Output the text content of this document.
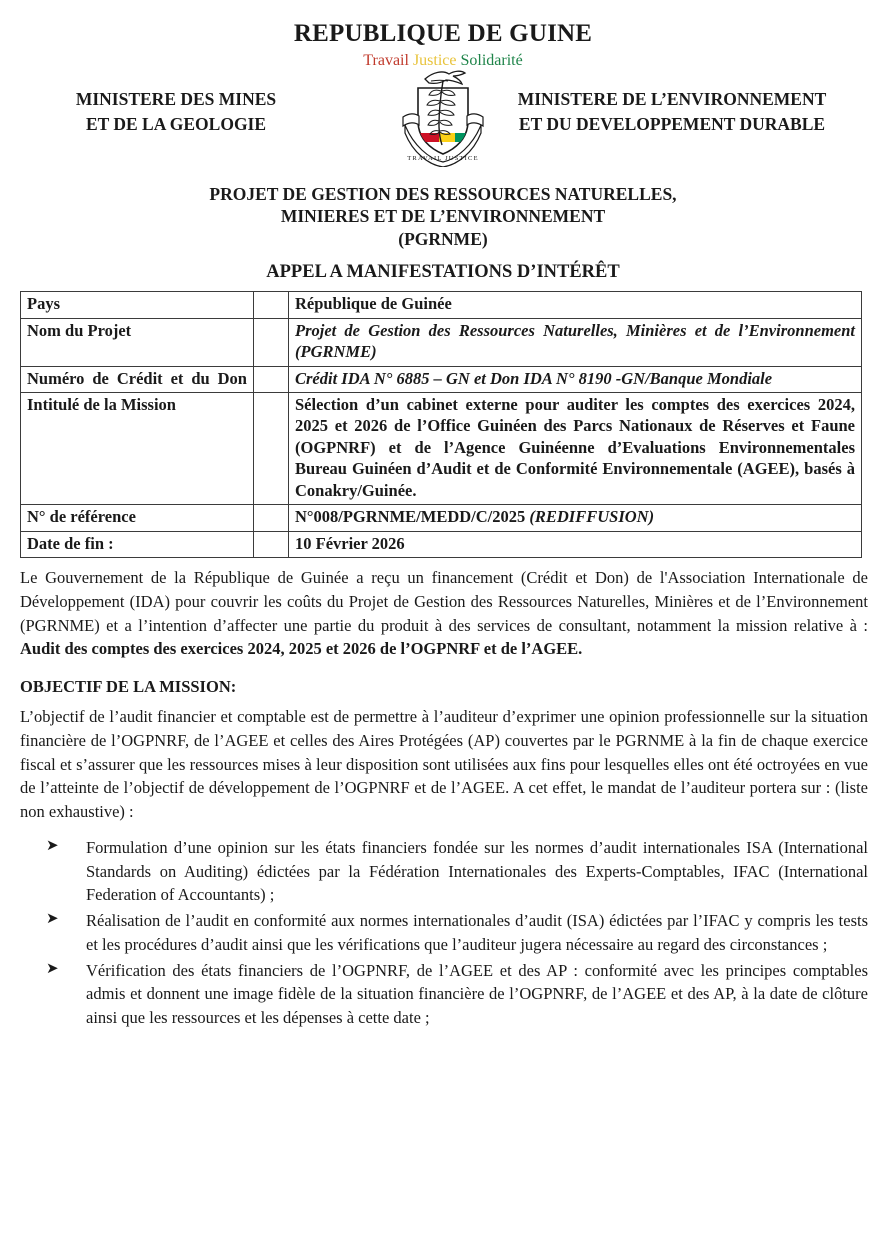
REPUBLIQUE DE GUINE
Travail Justice Solidarité
MINISTERE DES MINES
ET DE LA GEOLOGIE
TRAVAIL JUSTICE
MINISTERE DE L’ENVIRONNEMENT
ET DU DEVELOPPEMENT DURABLE
PROJET DE GESTION DES RESSOURCES NATURELLES,
MINIERES ET DE L’ENVIRONNEMENT
(PGRNME)
APPEL A MANIFESTATIONS D’INTÉRÊT
Pays		République de Guinée
Nom du Projet		Projet de Gestion des Ressources Naturelles, Minières et de l’Environnement (PGRNME)
Numéro de Crédit et du Don		Crédit IDA N° 6885 – GN et Don IDA N° 8190 -GN/Banque Mondiale
Intitulé de la Mission		Sélection d’un cabinet externe pour auditer les comptes des exercices 2024, 2025 et 2026 de l’Office Guinéen des Parcs Nationaux de Réserves et Faune (OGPNRF) et de l’Agence Guinéenne d’Evaluations Environnementales Bureau Guinéen d’Audit et de Conformité Environnementale (AGEE), basés à Conakry/Guinée.
N° de référence		N°008/PGRNME/MEDD/C/2025 (REDIFFUSION)
Date de fin :		10 Février 2026

Le Gouvernement de la République de Guinée a reçu un financement (Crédit et Don) de l'Association Internationale de Développement (IDA) pour couvrir les coûts du Projet de Gestion des Ressources Naturelles, Minières et de l’Environnement (PGRNME) et a l’intention d’affecter une partie du produit à des services de consultant, notamment la mission relative à : Audit des comptes des exercices 2024, 2025 et 2026 de l’OGPNRF et de l’AGEE.

OBJECTIF DE LA MISSION:

L’objectif de l’audit financier et comptable est de permettre à l’auditeur d’exprimer une opinion professionnelle sur la situation financière de l’OGPNRF, de l’AGEE et celles des Aires Protégées (AP) couvertes par le PGRNME à la fin de chaque exercice fiscal et s’assurer que les ressources mises à leur disposition sont utilisées aux fins pour lesquelles elles ont été octroyées en vue de l’atteinte de l’objectif de développement de l’OGPNRF et de l’AGEE. A cet effet, le mandat de l’auditeur portera sur : (liste non exhaustive) :

➤ Formulation d’une opinion sur les états financiers fondée sur les normes d’audit internationales ISA (International Standards on Auditing) édictées par la Fédération Internationales des Experts-Comptables, IFAC (International Federation of Accountants) ;
➤ Réalisation de l’audit en conformité aux normes internationales d’audit (ISA) édictées par l’IFAC y compris les tests et les procédures d’audit ainsi que les vérifications que l’auditeur jugera nécessaire au regard des circonstances ;
➤ Vérification des états financiers de l’OGPNRF, de l’AGEE et des AP : conformité avec les principes comptables admis et donnent une image fidèle de la situation financière de l’OGPNRF, de l’AGEE et des AP, à la date de clôture ainsi que les ressources et les dépenses à cette date ;
